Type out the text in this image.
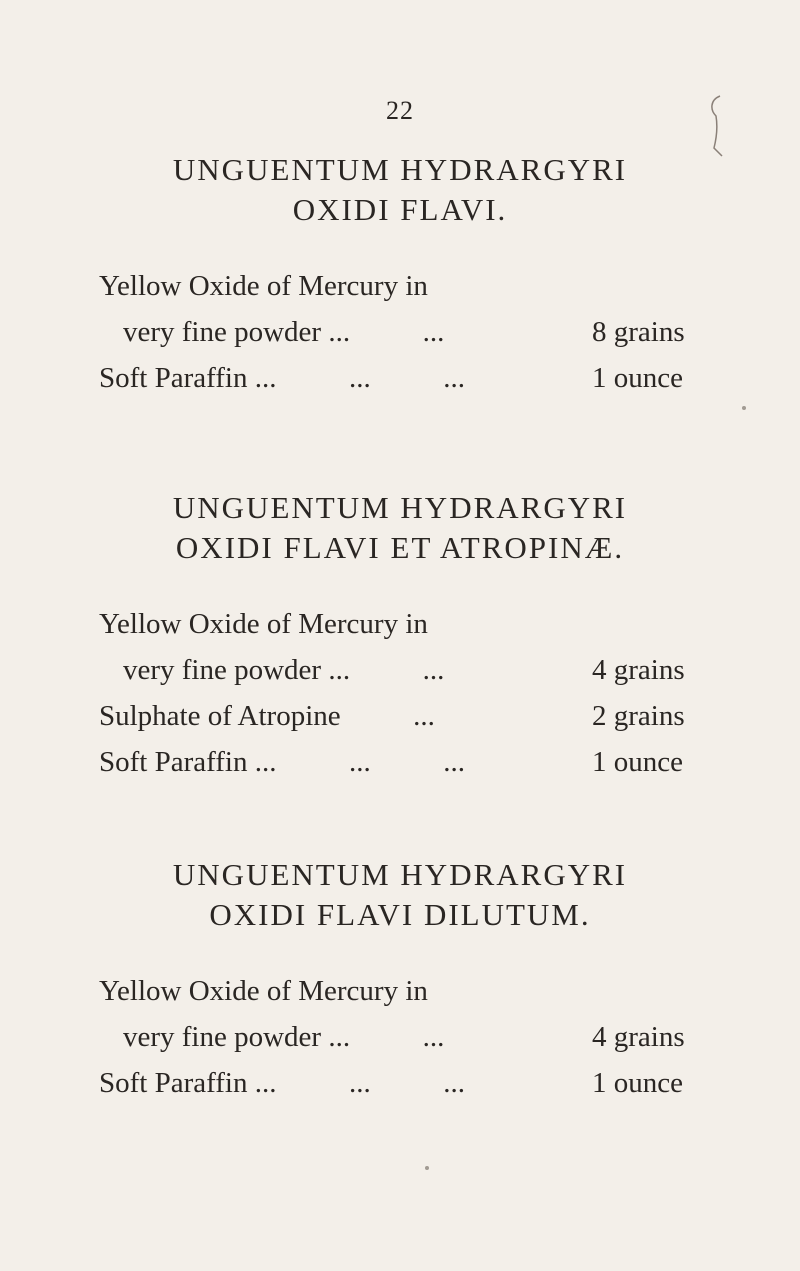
22
UNGUENTUM HYDRARGYRI
OXIDI FLAVI.
Yellow Oxide of Mercury in
very fine powder ...          ...	8 grains
Soft Paraffin ...          ...          ...	1 ounce
UNGUENTUM HYDRARGYRI
OXIDI FLAVI ET ATROPINÆ.
Yellow Oxide of Mercury in
very fine powder ...          ...	4 grains
Sulphate of Atropine          ...	2 grains
Soft Paraffin ...          ...          ...	1 ounce
UNGUENTUM HYDRARGYRI
OXIDI FLAVI DILUTUM.
Yellow Oxide of Mercury in
very fine powder ...          ...	4 grains
Soft Paraffin ...          ...          ...	1 ounce
